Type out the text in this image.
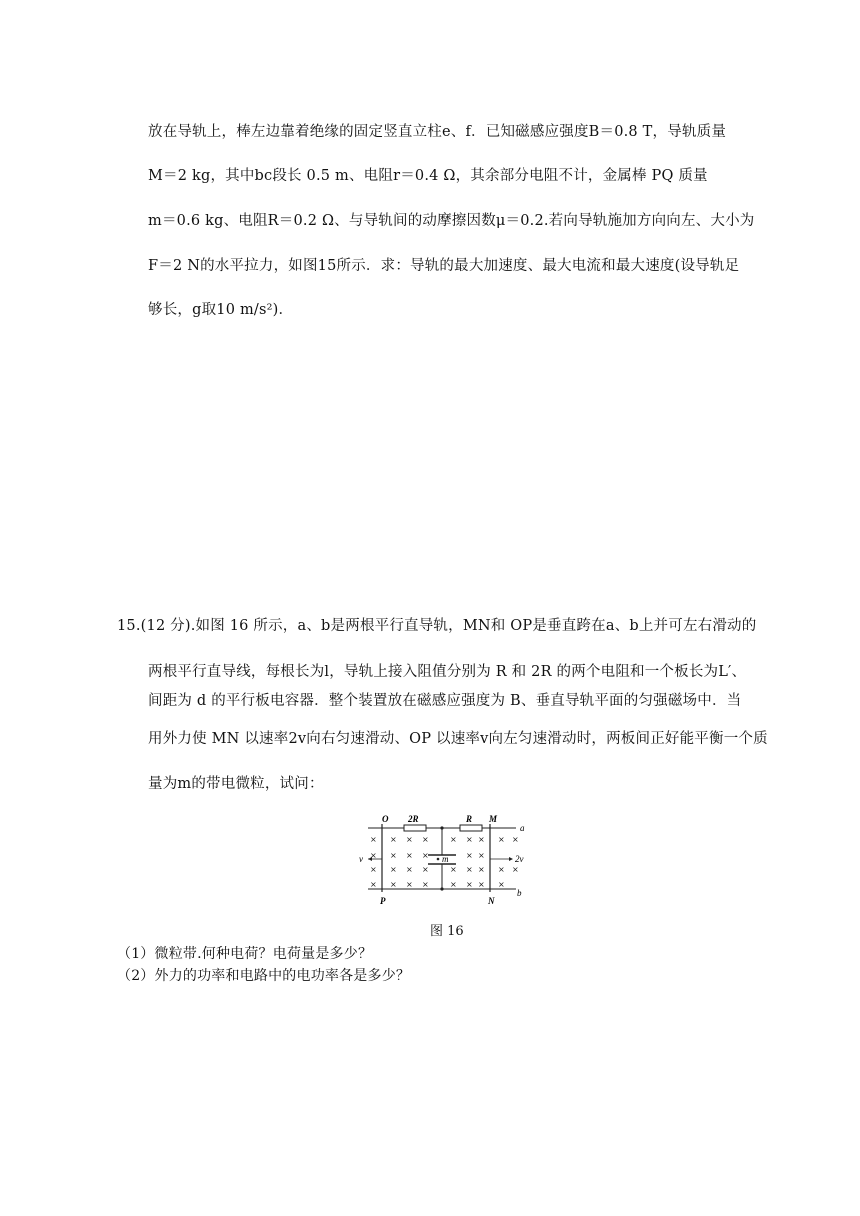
放在导轨上，棒左边靠着绝缘的固定竖直立柱e、f．已知磁感应强度B＝0.8 T，导轨质量
M＝2 kg，其中bc段长 0.5 m、电阻r＝0.4 Ω，其余部分电阻不计，金属棒 PQ 质量
m＝0.6 kg、电阻R＝0.2 Ω、与导轨间的动摩擦因数μ＝0.2.若向导轨施加方向向左、大小为
F＝2 N的水平拉力，如图15所示．求：导轨的最大加速度、最大电流和最大速度(设导轨足
够长，g取10 m/s²)．
15.(12 分).如图 16 所示，a、b是两根平行直导轨，MN和 OP是垂直跨在a、b上并可左右滑动的
两根平行直导线，每根长为l，导轨上接入阻值分别为 R 和 2R 的两个电阻和一个板长为L′、
间距为 d 的平行板电容器．整个装置放在磁感应强度为 B、垂直导轨平面的匀强磁场中．当
用外力使 MN 以速率2v向右匀速滑动、OP 以速率v向左匀速滑动时，两板间正好能平衡一个质
量为m的带电微粒，试问：
O
P
M
N
a
b
2R	R
v	2v
m
×
×
×
×
×
×
×
×
×
×
×
×
×
×
×
×
×
×
×
×
×
×
×
×
×
×
×
×
×
×
×
×
图 16
（1）微粒带.何种电荷？电荷量是多少？
（2）外力的功率和电路中的电功率各是多少？
